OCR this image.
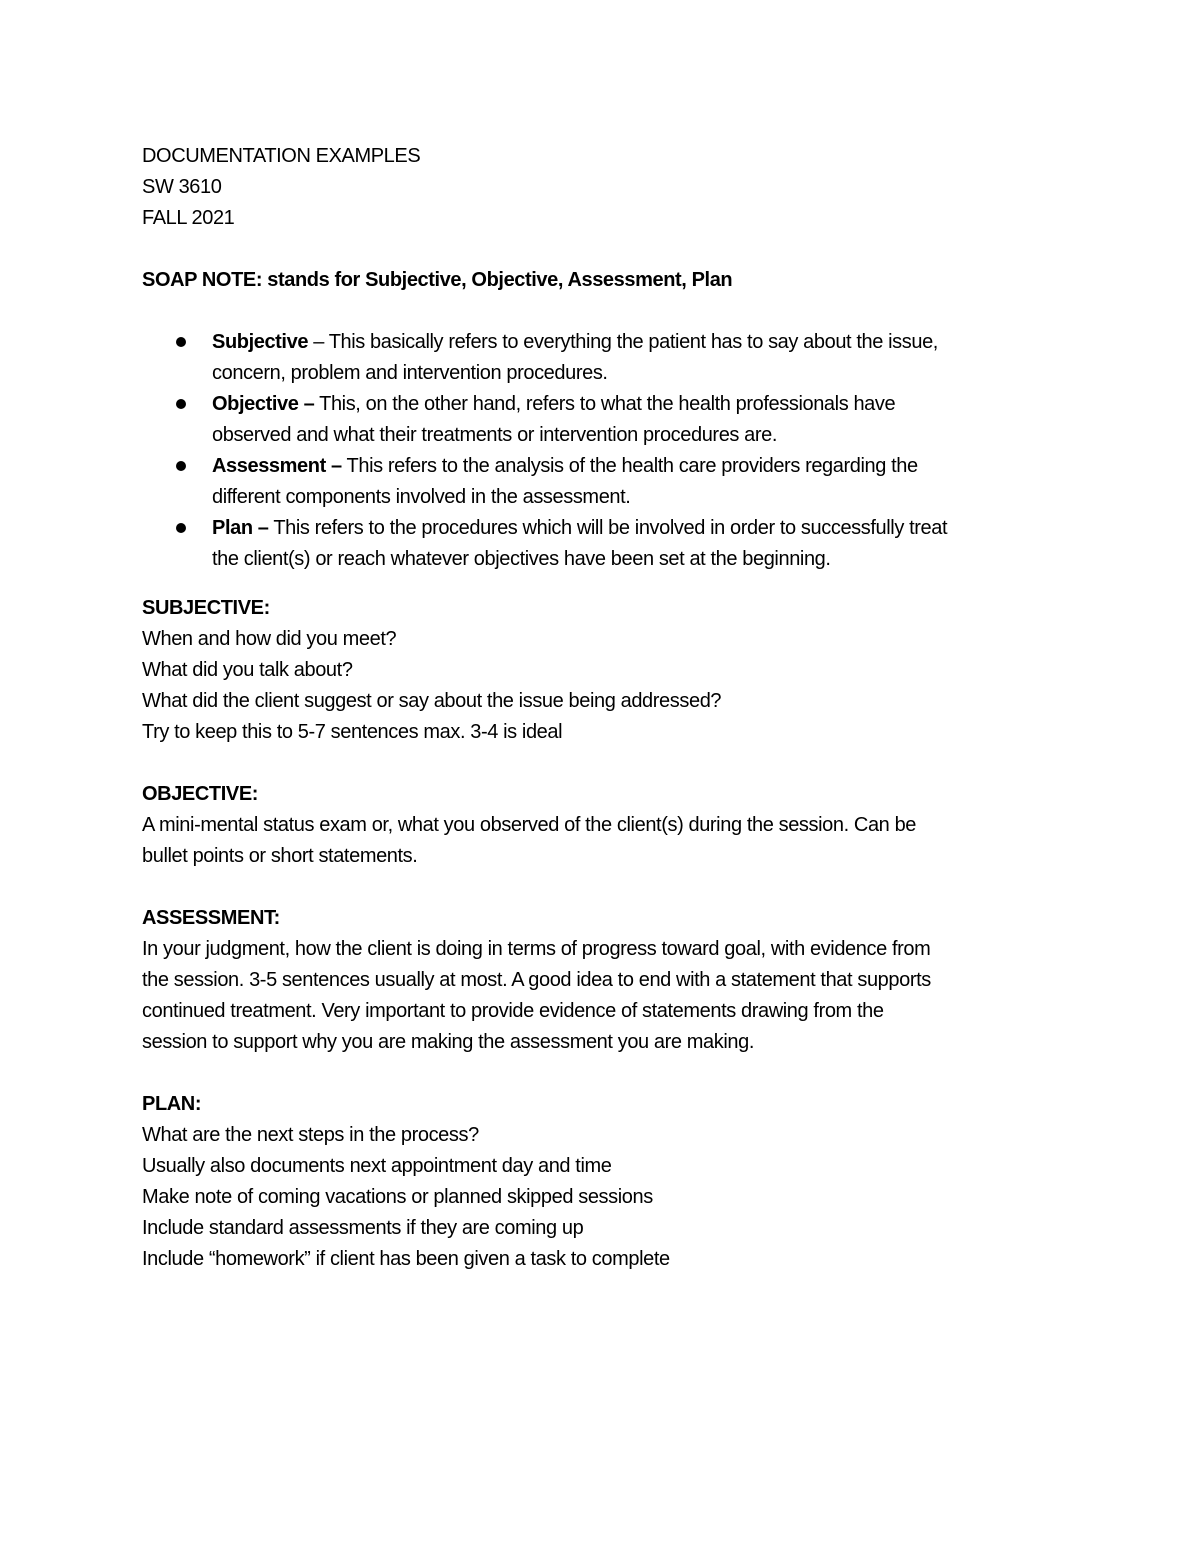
DOCUMENTATION EXAMPLES

SW 3610

FALL 2021

SOAP NOTE: stands for Subjective, Objective, Assessment, Plan

Subjective – This basically refers to everything the patient has to say about the issue,
concern, problem and intervention procedures.
Objective – This, on the other hand, refers to what the health professionals have
observed and what their treatments or intervention procedures are.
Assessment – This refers to the analysis of the health care providers regarding the
different components involved in the assessment.
Plan – This refers to the procedures which will be involved in order to successfully treat
the client(s) or reach whatever objectives have been set at the beginning.

SUBJECTIVE:

When and how did you meet?

What did you talk about?

What did the client suggest or say about the issue being addressed?

Try to keep this to 5-7 sentences max. 3-4 is ideal

OBJECTIVE:

A mini-mental status exam or, what you observed of the client(s) during the session. Can be

bullet points or short statements.

ASSESSMENT:

In your judgment, how the client is doing in terms of progress toward goal, with evidence from

the session. 3-5 sentences usually at most. A good idea to end with a statement that supports

continued treatment. Very important to provide evidence of statements drawing from the

session to support why you are making the assessment you are making.

PLAN:

What are the next steps in the process?

Usually also documents next appointment day and time

Make note of coming vacations or planned skipped sessions

Include standard assessments if they are coming up

Include “homework” if client has been given a task to complete
